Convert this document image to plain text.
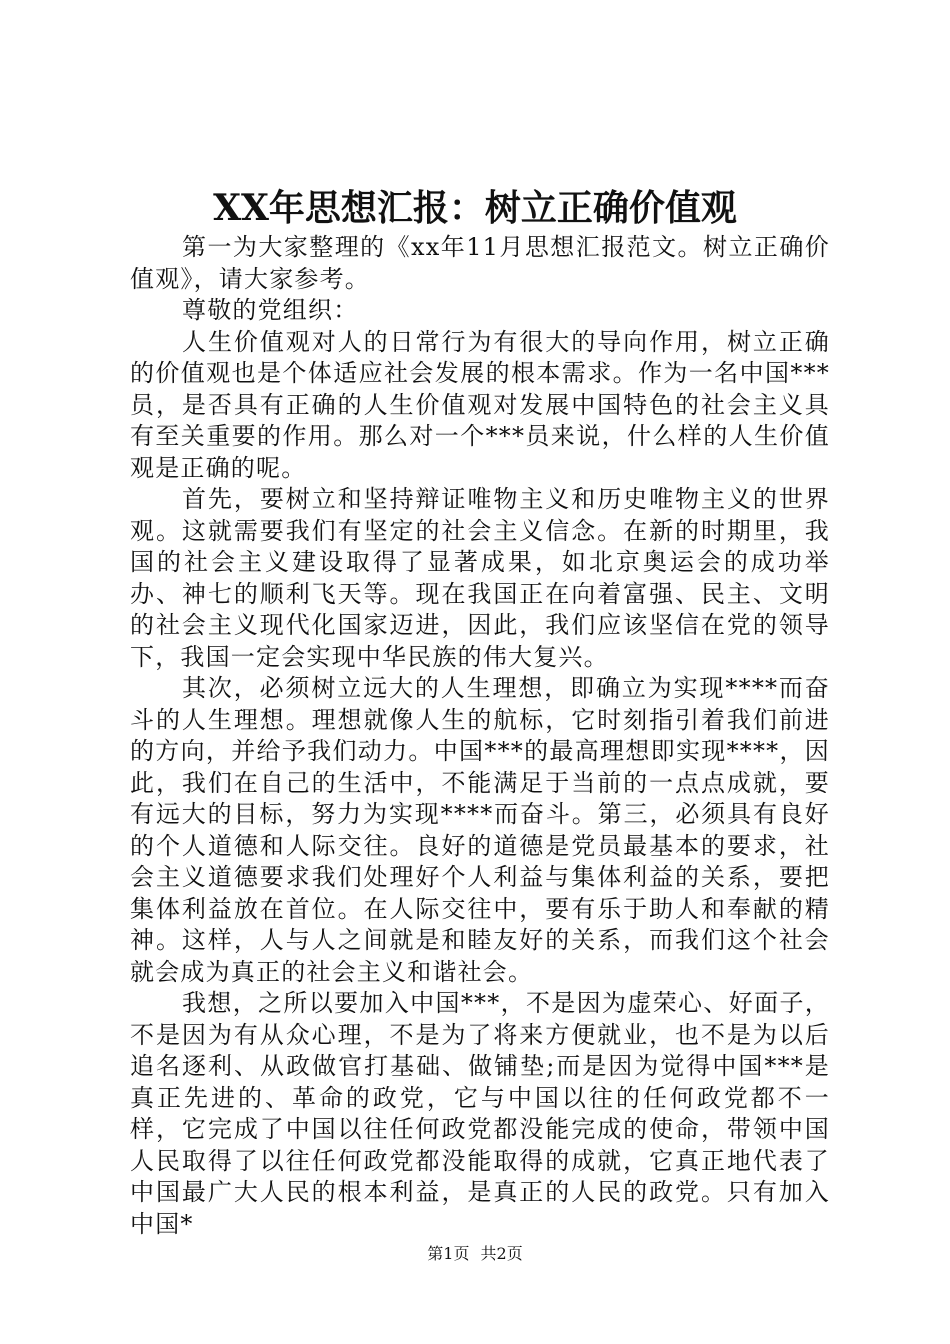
XX年思想汇报：树立正确价值观

第一为大家整理的《xx年11月思想汇报范文。树立正确价值观》，请大家参考。

尊敬的党组织：

人生价值观对人的日常行为有很大的导向作用，树立正确的价值观也是个体适应社会发展的根本需求。作为一名中国***员，是否具有正确的人生价值观对发展中国特色的社会主义具有至关重要的作用。那么对一个***员来说，什么样的人生价值观是正确的呢。

首先，要树立和坚持辩证唯物主义和历史唯物主义的世界观。这就需要我们有坚定的社会主义信念。在新的时期里，我国的社会主义建设取得了显著成果，如北京奥运会的成功举办、神七的顺利飞天等。现在我国正在向着富强、民主、文明的社会主义现代化国家迈进，因此，我们应该坚信在党的领导下，我国一定会实现中华民族的伟大复兴。

其次，必须树立远大的人生理想，即确立为实现****而奋斗的人生理想。理想就像人生的航标，它时刻指引着我们前进的方向，并给予我们动力。中国***的最高理想即实现****，因此，我们在自己的生活中，不能满足于当前的一点点成就，要有远大的目标，努力为实现****而奋斗。第三，必须具有良好的个人道德和人际交往。良好的道德是党员最基本的要求，社会主义道德要求我们处理好个人利益与集体利益的关系，要把集体利益放在首位。在人际交往中，要有乐于助人和奉献的精神。这样，人与人之间就是和睦友好的关系，而我们这个社会就会成为真正的社会主义和谐社会。

我想，之所以要加入中国***，不是因为虚荣心、好面子，不是因为有从众心理，不是为了将来方便就业，也不是为以后追名逐利、从政做官打基础、做铺垫;而是因为觉得中国***是真正先进的、革命的政党，它与中国以往的任何政党都不一样，它完成了中国以往任何政党都没能完成的使命，带领中国人民取得了以往任何政党都没能取得的成就，它真正地代表了中国最广大人民的根本利益，是真正的人民的政党。只有加入中国*

第1页 共2页
